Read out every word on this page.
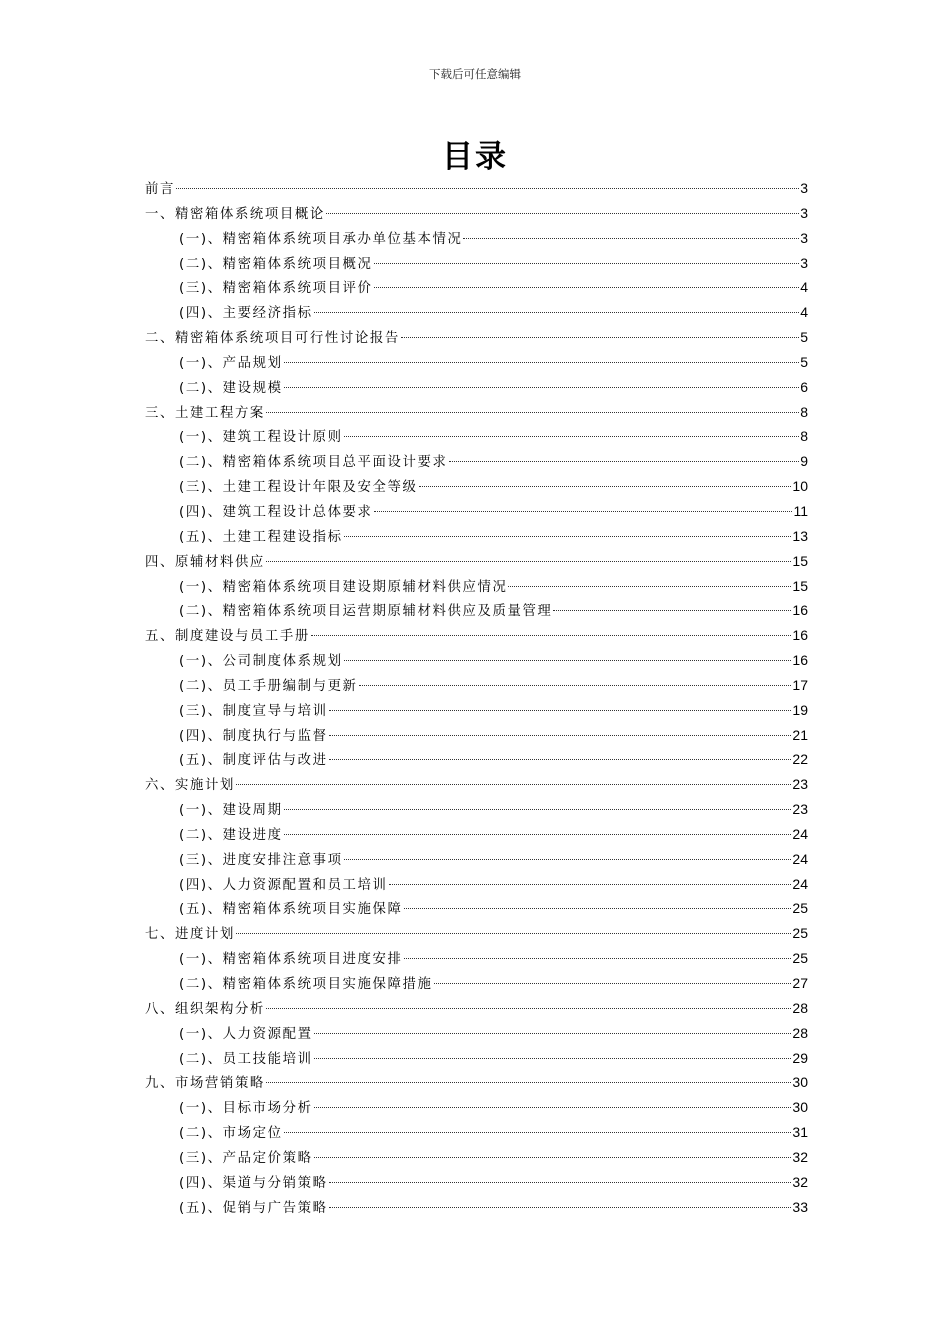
下载后可任意编辑
目录
前言	3
一、精密箱体系统项目概论	3
(一)、精密箱体系统项目承办单位基本情况	3
(二)、精密箱体系统项目概况	3
(三)、精密箱体系统项目评价	4
(四)、主要经济指标	4
二、精密箱体系统项目可行性讨论报告	5
(一)、产品规划	5
(二)、建设规模	6
三、土建工程方案	8
(一)、建筑工程设计原则	8
(二)、精密箱体系统项目总平面设计要求	9
(三)、土建工程设计年限及安全等级	10
(四)、建筑工程设计总体要求	11
(五)、土建工程建设指标	13
四、原辅材料供应	15
(一)、精密箱体系统项目建设期原辅材料供应情况	15
(二)、精密箱体系统项目运营期原辅材料供应及质量管理	16
五、制度建设与员工手册	16
(一)、公司制度体系规划	16
(二)、员工手册编制与更新	17
(三)、制度宣导与培训	19
(四)、制度执行与监督	21
(五)、制度评估与改进	22
六、实施计划	23
(一)、建设周期	23
(二)、建设进度	24
(三)、进度安排注意事项	24
(四)、人力资源配置和员工培训	24
(五)、精密箱体系统项目实施保障	25
七、进度计划	25
(一)、精密箱体系统项目进度安排	25
(二)、精密箱体系统项目实施保障措施	27
八、组织架构分析	28
(一)、人力资源配置	28
(二)、员工技能培训	29
九、市场营销策略	30
(一)、目标市场分析	30
(二)、市场定位	31
(三)、产品定价策略	32
(四)、渠道与分销策略	32
(五)、促销与广告策略	33
